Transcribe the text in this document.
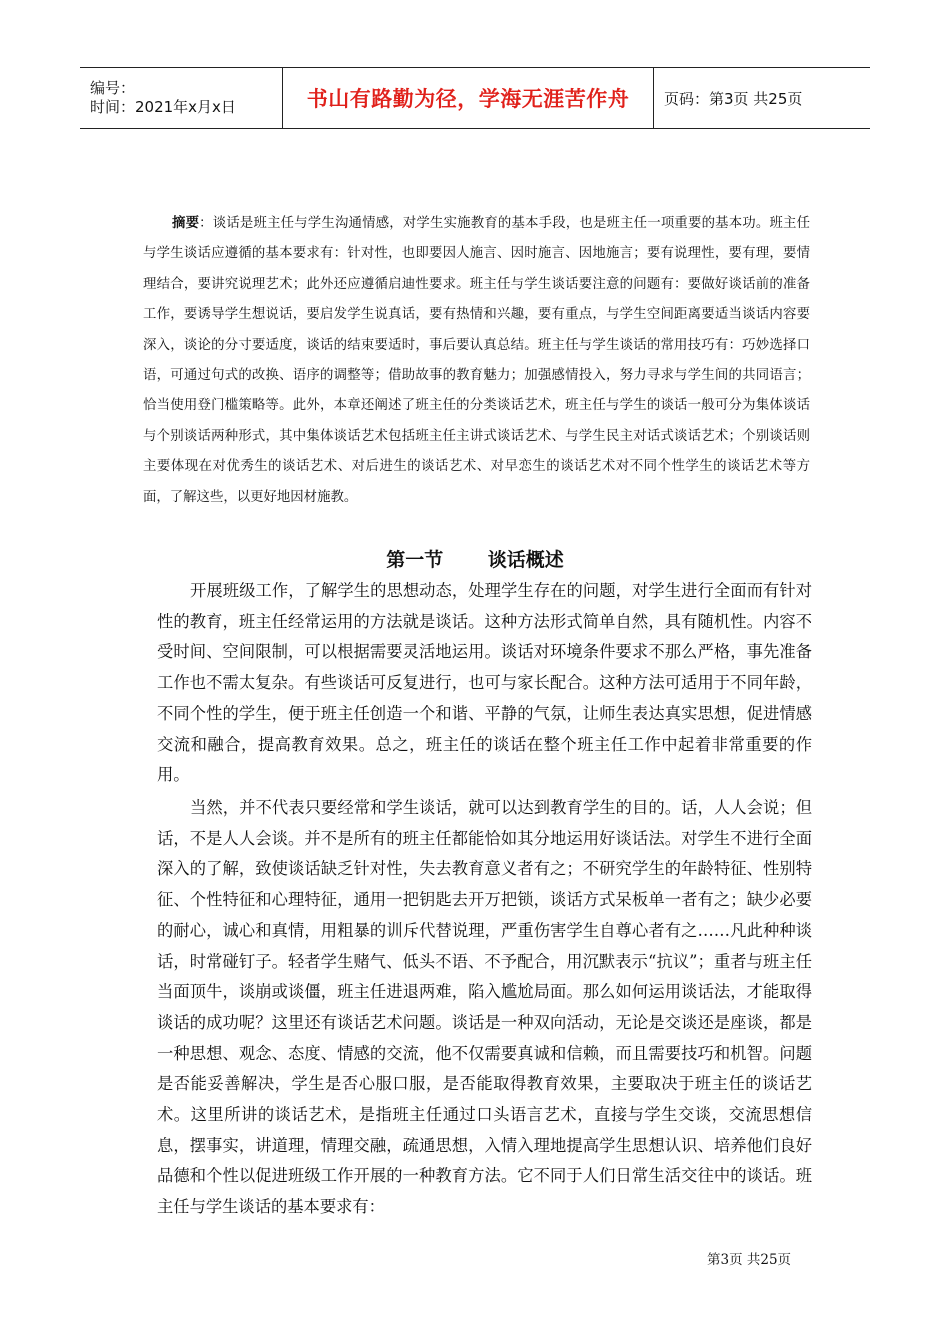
编号：
时间：2021年x月x日	书山有路勤为径，学海无涯苦作舟 页码：第3页 共25页

摘要：谈话是班主任与学生沟通情感，对学生实施教育的基本手段，也是班主任一项重要的基本功。班主任与学生谈话应遵循的基本要求有：针对性，也即要因人施言、因时施言、因地施言；要有说理性，要有理，要情理结合，要讲究说理艺术；此外还应遵循启迪性要求。班主任与学生谈话要注意的问题有：要做好谈话前的准备工作，要诱导学生想说话，要启发学生说真话，要有热情和兴趣，要有重点，与学生空间距离要适当谈话内容要深入，谈论的分寸要适度，谈话的结束要适时，事后要认真总结。班主任与学生谈话的常用技巧有：巧妙选择口语，可通过句式的改换、语序的调整等；借助故事的教育魅力；加强感情投入，努力寻求与学生间的共同语言；恰当使用登门槛策略等。此外，本章还阐述了班主任的分类谈话艺术，班主任与学生的谈话一般可分为集体谈话与个别谈话两种形式，其中集体谈话艺术包括班主任主讲式谈话艺术、与学生民主对话式谈话艺术；个别谈话则主要体现在对优秀生的谈话艺术、对后进生的谈话艺术、对早恋生的谈话艺术对不同个性学生的谈话艺术等方面，了解这些，以更好地因材施教。

第一节 谈话概述

开展班级工作，了解学生的思想动态，处理学生存在的问题，对学生进行全面而有针对性的教育，班主任经常运用的方法就是谈话。这种方法形式简单自然，具有随机性。内容不受时间、空间限制，可以根据需要灵活地运用。谈话对环境条件要求不那么严格，事先准备工作也不需太复杂。有些谈话可反复进行，也可与家长配合。这种方法可适用于不同年龄，不同个性的学生，便于班主任创造一个和谐、平静的气氛，让师生表达真实思想，促进情感交流和融合，提高教育效果。总之，班主任的谈话在整个班主任工作中起着非常重要的作用。

当然，并不代表只要经常和学生谈话，就可以达到教育学生的目的。话，人人会说；但话，不是人人会谈。并不是所有的班主任都能恰如其分地运用好谈话法。对学生不进行全面深入的了解，致使谈话缺乏针对性，失去教育意义者有之；不研究学生的年龄特征、性别特征、个性特征和心理特征，通用一把钥匙去开万把锁，谈话方式呆板单一者有之；缺少必要的耐心，诚心和真情，用粗暴的训斥代替说理，严重伤害学生自尊心者有之……凡此种种谈话，时常碰钉子。轻者学生赌气、低头不语、不予配合，用沉默表示“抗议”；重者与班主任当面顶牛，谈崩或谈僵，班主任进退两难，陷入尴尬局面。那么如何运用谈话法，才能取得谈话的成功呢？这里还有谈话艺术问题。谈话是一种双向活动，无论是交谈还是座谈，都是一种思想、观念、态度、情感的交流，他不仅需要真诚和信赖，而且需要技巧和机智。问题是否能妥善解决，学生是否心服口服，是否能取得教育效果，主要取决于班主任的谈话艺术。这里所讲的谈话艺术，是指班主任通过口头语言艺术，直接与学生交谈，交流思想信息，摆事实，讲道理，情理交融，疏通思想，入情入理地提高学生思想认识、培养他们良好品德和个性以促进班级工作开展的一种教育方法。它不同于人们日常生活交往中的谈话。班主任与学生谈话的基本要求有：

第3页 共25页
